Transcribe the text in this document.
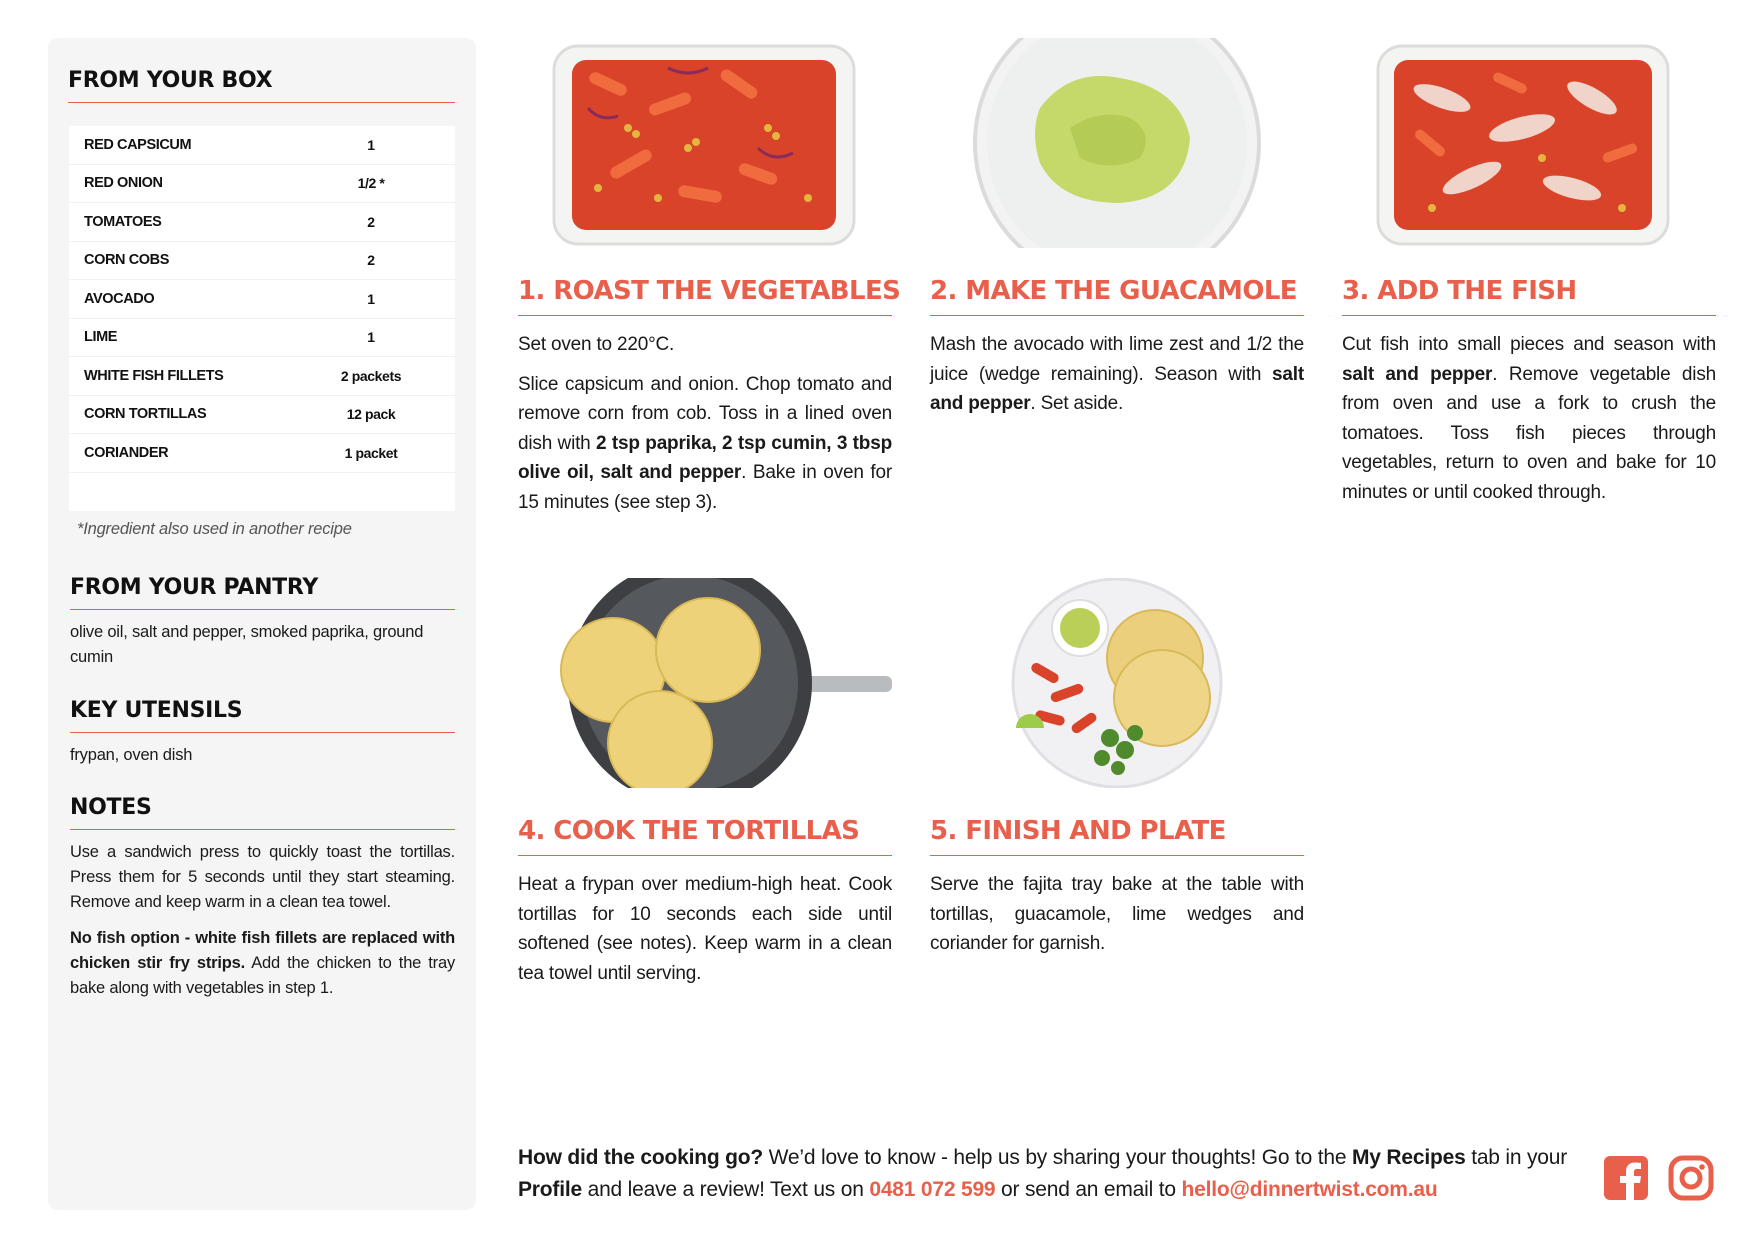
FROM YOUR BOX
RED CAPSICUM	1
RED ONION	1/2 *
TOMATOES	2
CORN COBS	2
AVOCADO	1
LIME	1
WHITE FISH FILLETS	2 packets
CORN TORTILLAS	12 pack
CORIANDER	1 packet
*Ingredient also used in another recipe
FROM YOUR PANTRY

olive oil, salt and pepper, smoked paprika, ground cumin

KEY UTENSILS

frypan, oven dish

NOTES

Use a sandwich press to quickly toast the tortillas. Press them for 5 seconds until they start steaming. Remove and keep warm in a clean tea towel.

No fish option - white fish fillets are replaced with chicken stir fry strips. Add the chicken to the tray bake along with vegetables in step 1.

1. ROAST THE VEGETABLES

Set oven to 220°C.

Slice capsicum and onion. Chop tomato and remove corn from cob. Toss in a lined oven dish with 2 tsp paprika, 2 tsp cumin, 3 tbsp olive oil, salt and pepper. Bake in oven for 15 minutes (see step 3).

2. MAKE THE GUACAMOLE

Mash the avocado with lime zest and 1/2 the juice (wedge remaining). Season with salt and pepper. Set aside.

3. ADD THE FISH

Cut fish into small pieces and season with salt and pepper. Remove vegetable dish from oven and use a fork to crush the tomatoes. Toss fish pieces through vegetables, return to oven and bake for 10 minutes or until cooked through.

4. COOK THE TORTILLAS

Heat a frypan over medium-high heat. Cook tortillas for 10 seconds each side until softened (see notes). Keep warm in a clean tea towel until serving.

5. FINISH AND PLATE

Serve the fajita tray bake at the table with tortillas, guacamole, lime wedges and coriander for garnish.

How did the cooking go? We’d love to know - help us by sharing your thoughts! Go to the My Recipes tab in your Profile and leave a review! Text us on 0481 072 599 or send an email to hello@dinnertwist.com.au
